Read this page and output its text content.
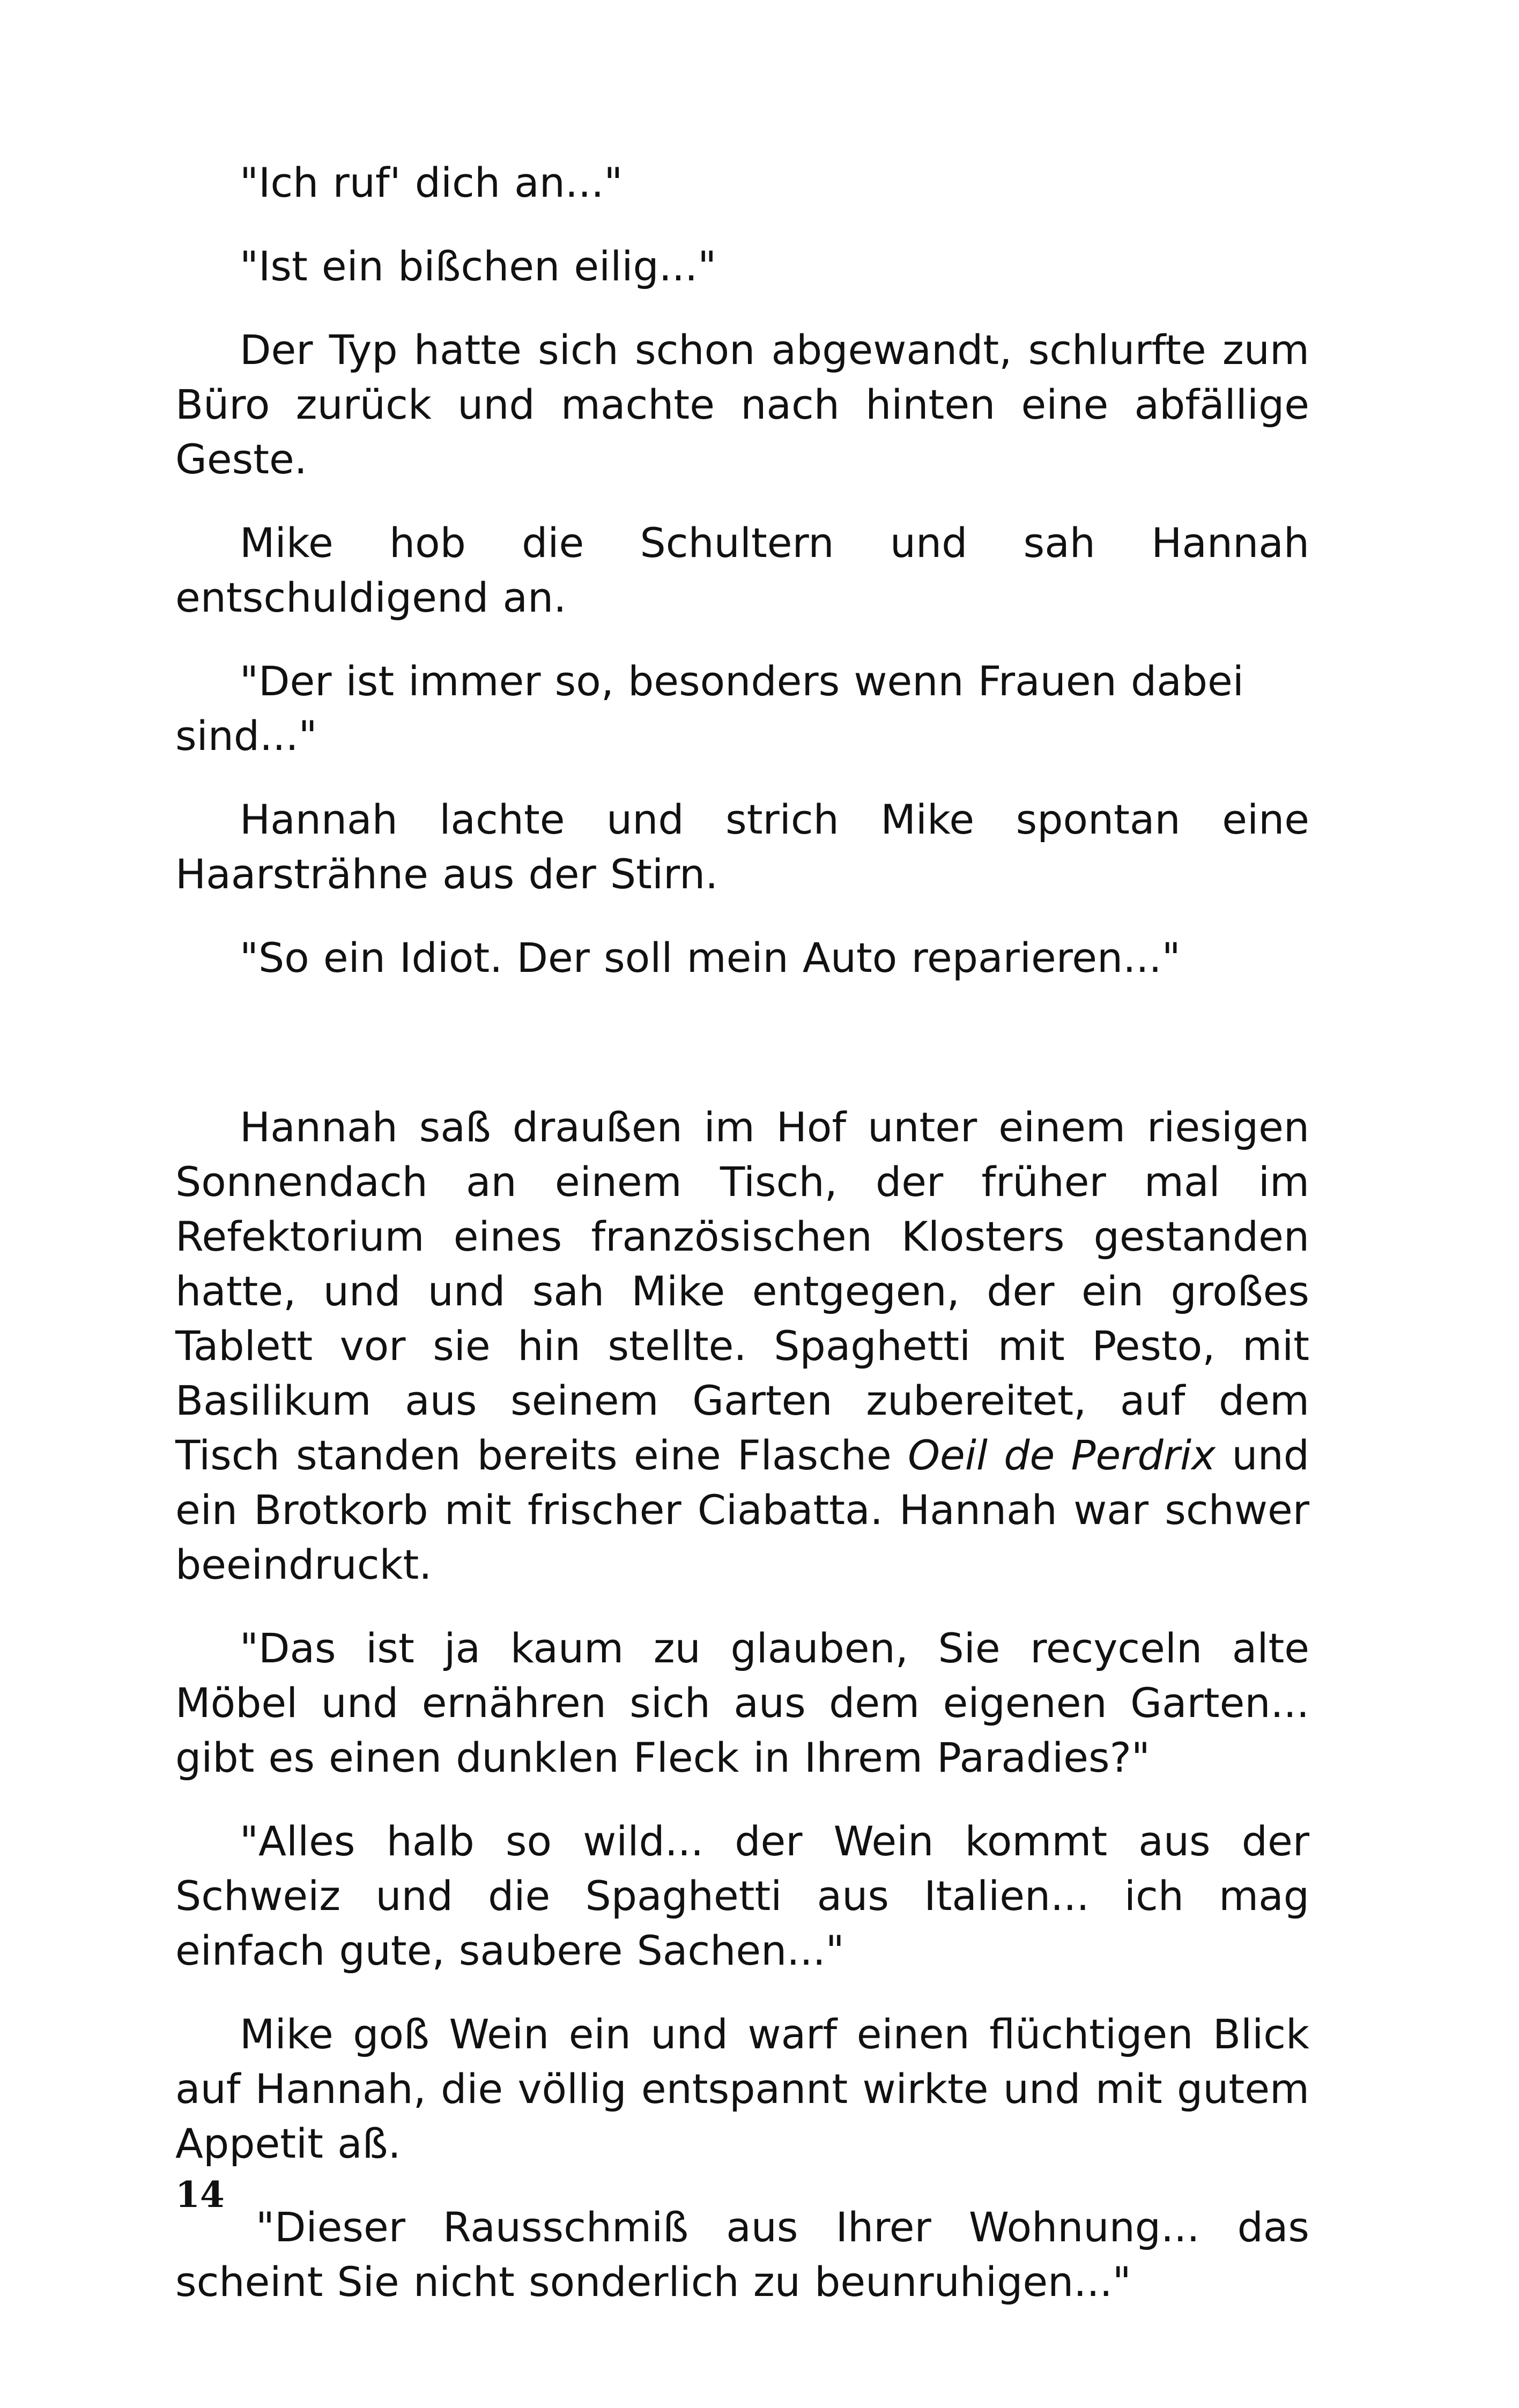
"Ich ruf' dich an..."

"Ist ein bißchen eilig..."

Der Typ hatte sich schon abgewandt, schlurfte zum Büro zurück und machte nach hinten eine abfällige Geste.

Mike hob die Schultern und sah Hannah entschuldigend an.

"Der ist immer so, besonders wenn Frauen dabei sind..."

Hannah lachte und strich Mike spontan eine Haarsträhne aus der Stirn.

"So ein Idiot. Der soll mein Auto reparieren..."

Hannah saß draußen im Hof unter einem riesigen Sonnendach an einem Tisch, der früher mal im Refektorium eines französischen Klosters gestanden hatte, und und sah Mike entgegen, der ein großes Tablett vor sie hin stellte. Spaghetti mit Pesto, mit Basilikum aus seinem Garten zubereitet, auf dem Tisch standen bereits eine Flasche Oeil de Perdrix und ein Brotkorb mit frischer Ciabatta. Hannah war schwer beeindruckt.

"Das ist ja kaum zu glauben, Sie recyceln alte Möbel und ernähren sich aus dem eigenen Garten... gibt es einen dunklen Fleck in Ihrem Paradies?"

"Alles halb so wild... der Wein kommt aus der Schweiz und die Spaghetti aus Italien... ich mag einfach gute, saubere Sachen..."

Mike goß Wein ein und warf einen flüchtigen Blick auf Hannah, die völlig entspannt wirkte und mit gutem Appetit aß.

"Dieser Rausschmiß aus Ihrer Wohnung... das scheint Sie nicht sonderlich zu beunruhigen..."

14
